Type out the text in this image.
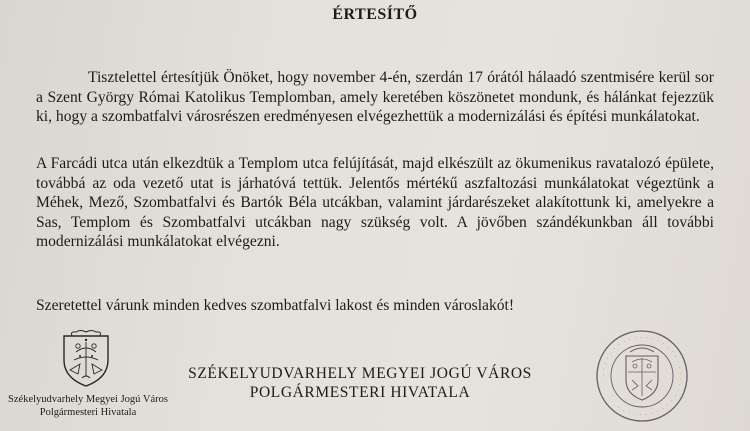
ÉRTESÍTŐ
Tisztelettel értesítjük Önöket, hogy november 4-én, szerdán 17 órától hálaadó szentmisére kerül sor a Szent György Római Katolikus Templomban, amely keretében köszönetet mondunk, és hálánkat fejezzük ki, hogy a szombatfalvi városrészen eredményesen elvégezhettük a modernizálási és építési munkálatokat.
A Farcádi utca után elkezdtük a Templom utca felújítását, majd elkészült az ökumenikus ravatalozó épülete, továbbá az oda vezető utat is járhatóvá tettük. Jelentős mértékű aszfaltozási munkálatokat végeztünk a Méhek, Mező, Szombatfalvi és Bartók Béla utcákban, valamint járdarészeket alakítottunk ki, amelyekre a Sas, Templom és Szombatfalvi utcákban nagy szükség volt. A jövőben szándékunkban áll további modernizálási munkálatokat elvégezni.
Szeretettel várunk minden kedves szombatfalvi lakost és minden városlakót!
Székelyudvarhely Megyei Jogú Város
Polgármesteri Hivatala
SZÉKELYUDVARHELY MEGYEI JOGÚ VÁROS
POLGÁRMESTERI HIVATALA
· · · · · · · · · · · · · · · · · · · · · · · · · · · · · · · · · · · ·
